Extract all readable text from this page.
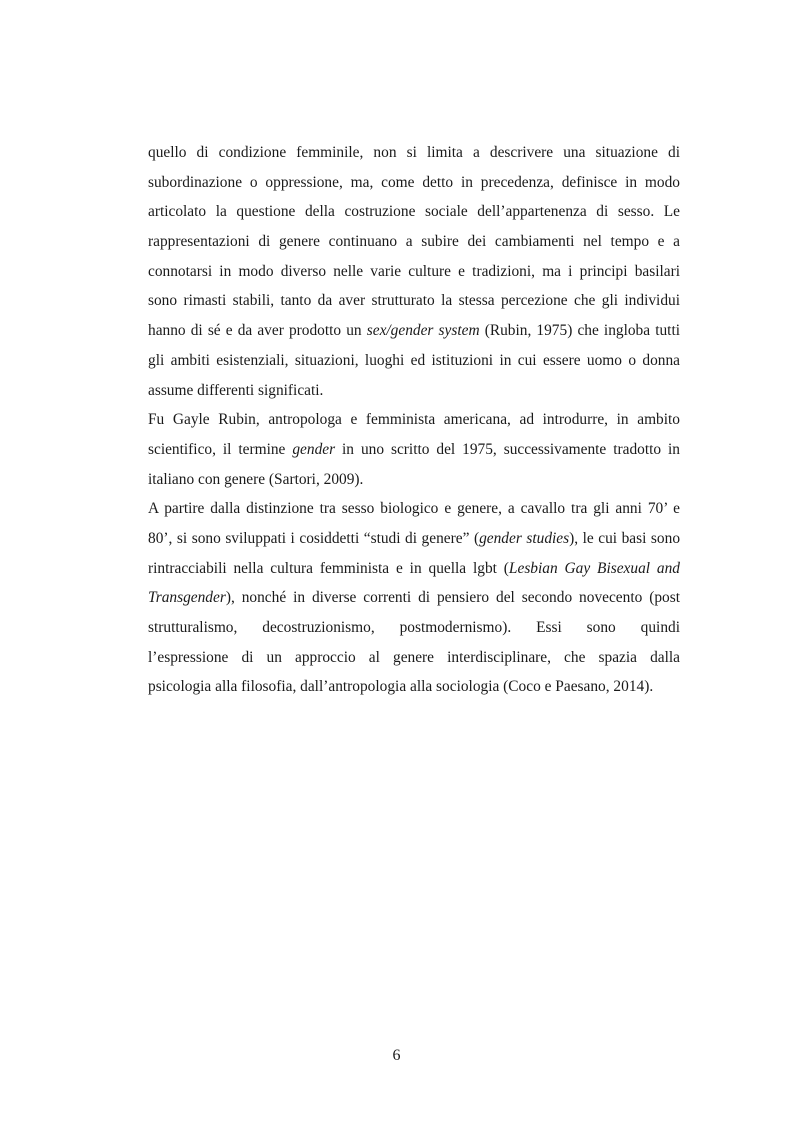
quello di condizione femminile, non si limita a descrivere una situazione di
subordinazione o oppressione, ma, come detto in precedenza, definisce in modo
articolato la questione della costruzione sociale dell’appartenenza di sesso. Le
rappresentazioni di genere continuano a subire dei cambiamenti nel tempo e a
connotarsi in modo diverso nelle varie culture e tradizioni, ma i principi basilari
sono rimasti stabili, tanto da aver strutturato la stessa percezione che gli individui
hanno di sé e da aver prodotto un sex/gender system (Rubin, 1975) che ingloba tutti
gli ambiti esistenziali, situazioni, luoghi ed istituzioni in cui essere uomo o donna
assume differenti significati.
Fu Gayle Rubin, antropologa e femminista americana, ad introdurre, in ambito
scientifico, il termine gender in uno scritto del 1975, successivamente tradotto in
italiano con genere (Sartori, 2009).
A partire dalla distinzione tra sesso biologico e genere, a cavallo tra gli anni 70’ e
80’, si sono sviluppati i cosiddetti “studi di genere” (gender studies), le cui basi sono
rintracciabili nella cultura femminista e in quella lgbt (Lesbian Gay Bisexual and
Transgender), nonché in diverse correnti di pensiero del secondo novecento (post
strutturalismo, decostruzionismo, postmodernismo). Essi sono quindi
l’espressione di un approccio al genere interdisciplinare, che spazia dalla
psicologia alla filosofia, dall’antropologia alla sociologia (Coco e Paesano, 2014).
6
